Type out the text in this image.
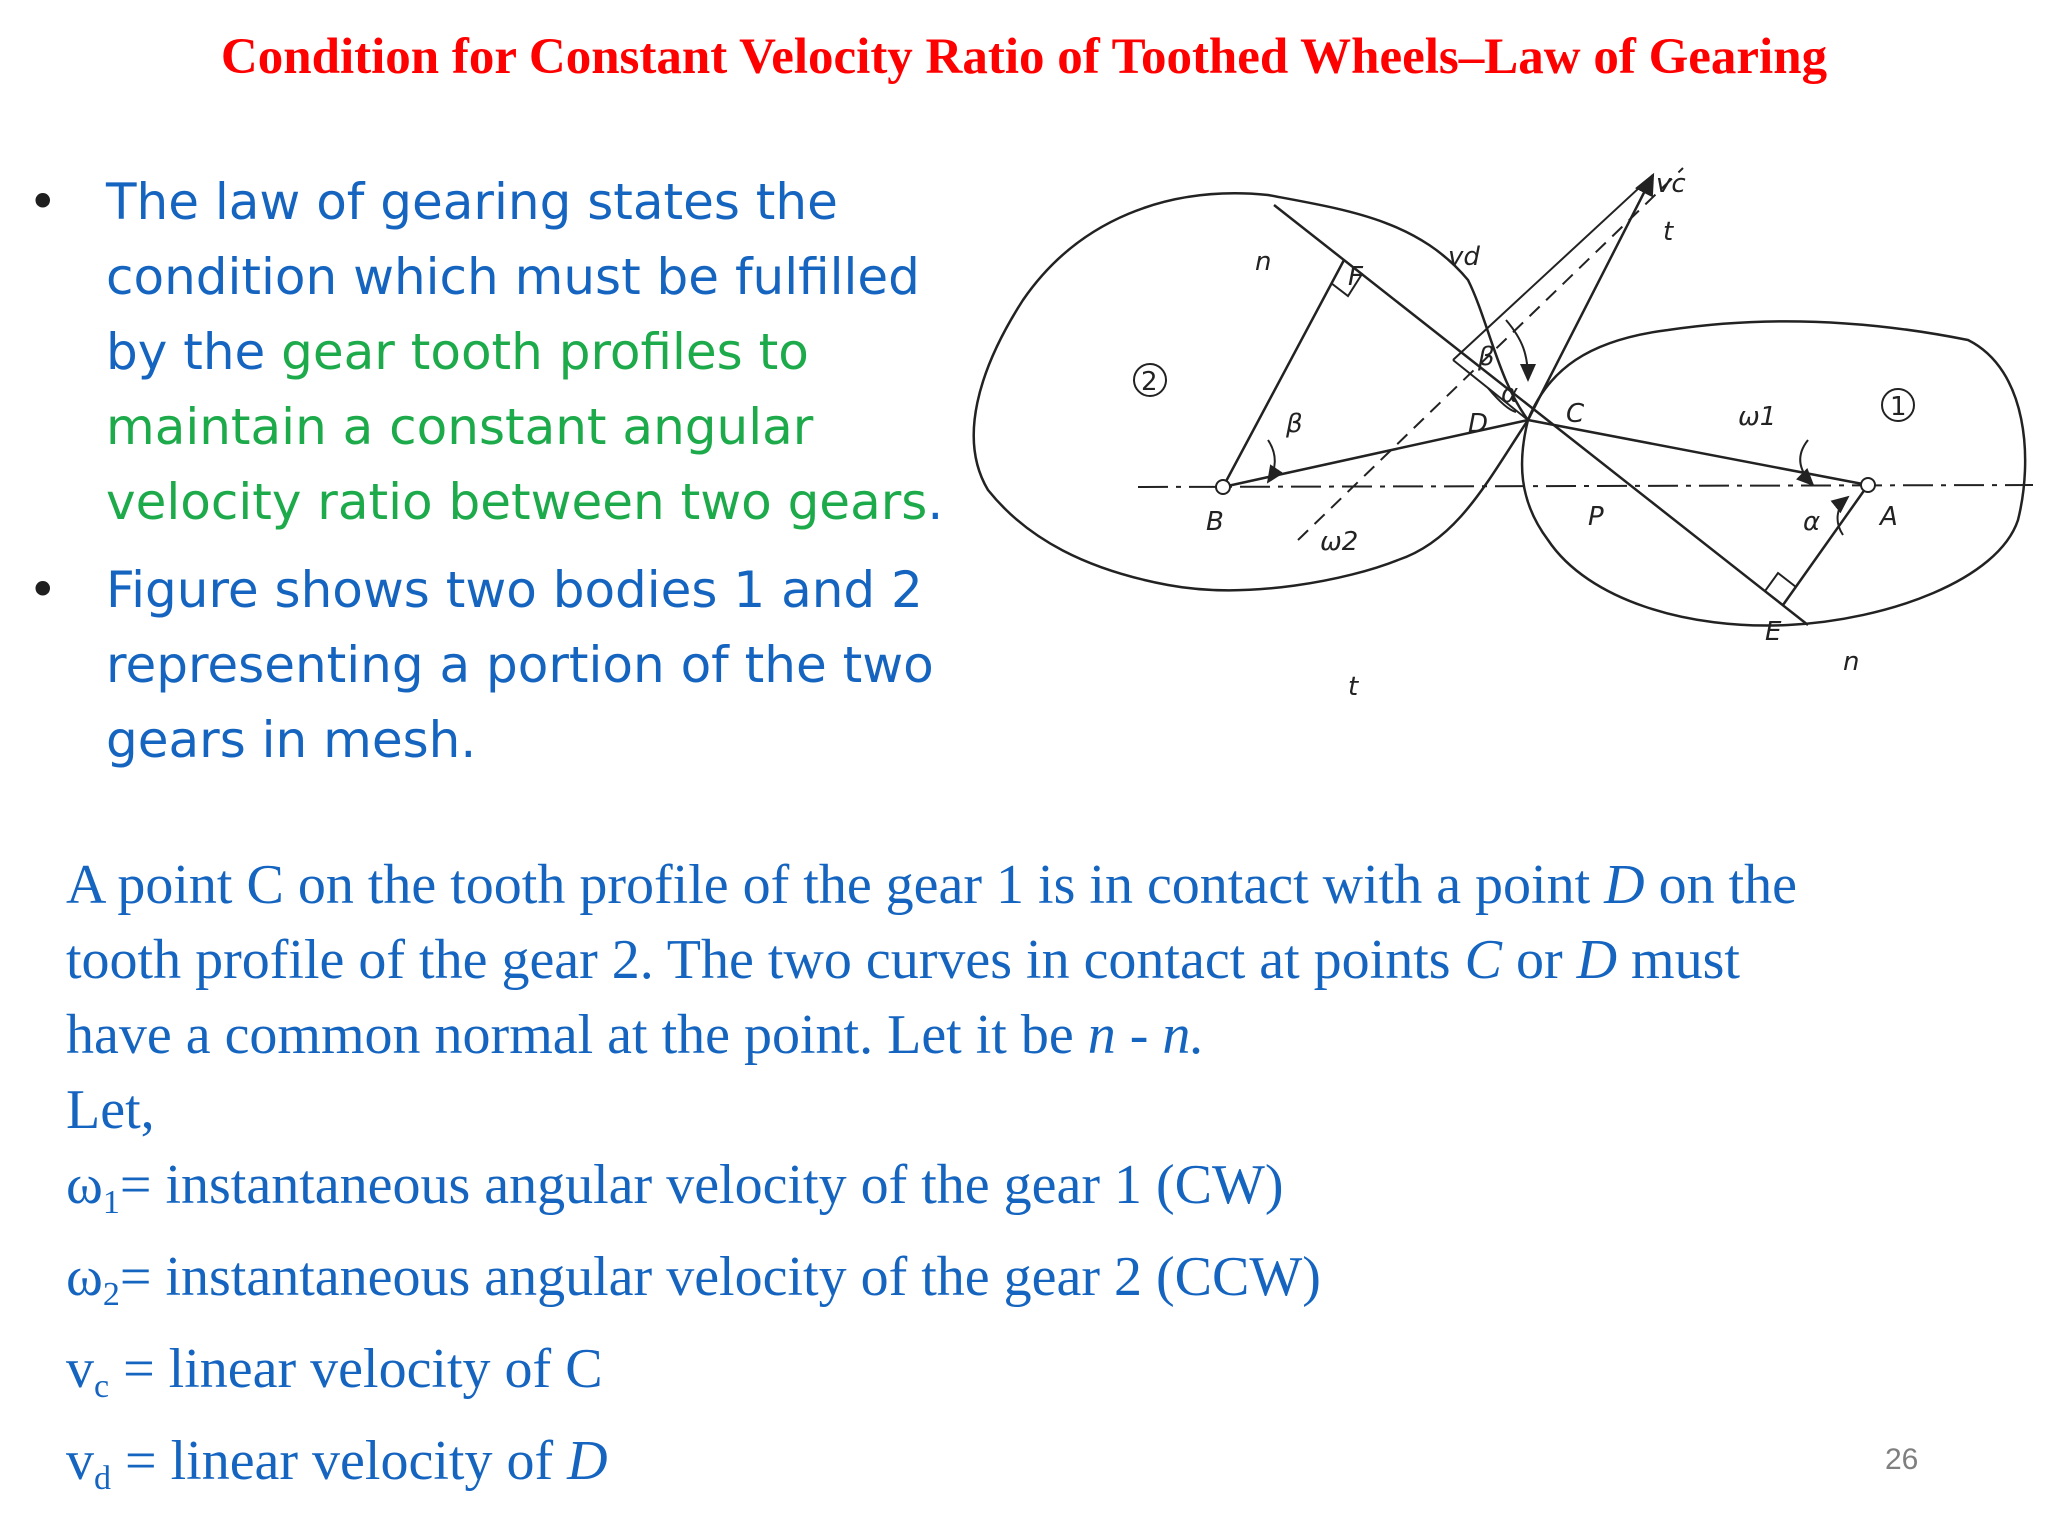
Condition for Constant Velocity Ratio of Toothed Wheels–Law of Gearing
• The law of gearing states the condition which must be fulfilled by the gear tooth profiles to maintain a constant angular velocity ratio between two gears.
• Figure shows two bodies 1 and 2 representing a portion of the two gears in mesh.
2
1
vc
vd
t
t
n
n
F
D	C
P
E
B	A
β
β
α
α
ω1
ω2

A point C on the tooth profile of the gear 1 is in contact with a point D on the

tooth profile of the gear 2. The two curves in contact at points C or D must

have a common normal at the point. Let it be n - n.

Let,

$\omega_1=$ instantaneous angular velocity of the gear 1 (CW)

$\omega_2=$ instantaneous angular velocity of the gear 2 (CCW)

$v_c$ = linear velocity of C

$v_d$ = linear velocity of D	26
